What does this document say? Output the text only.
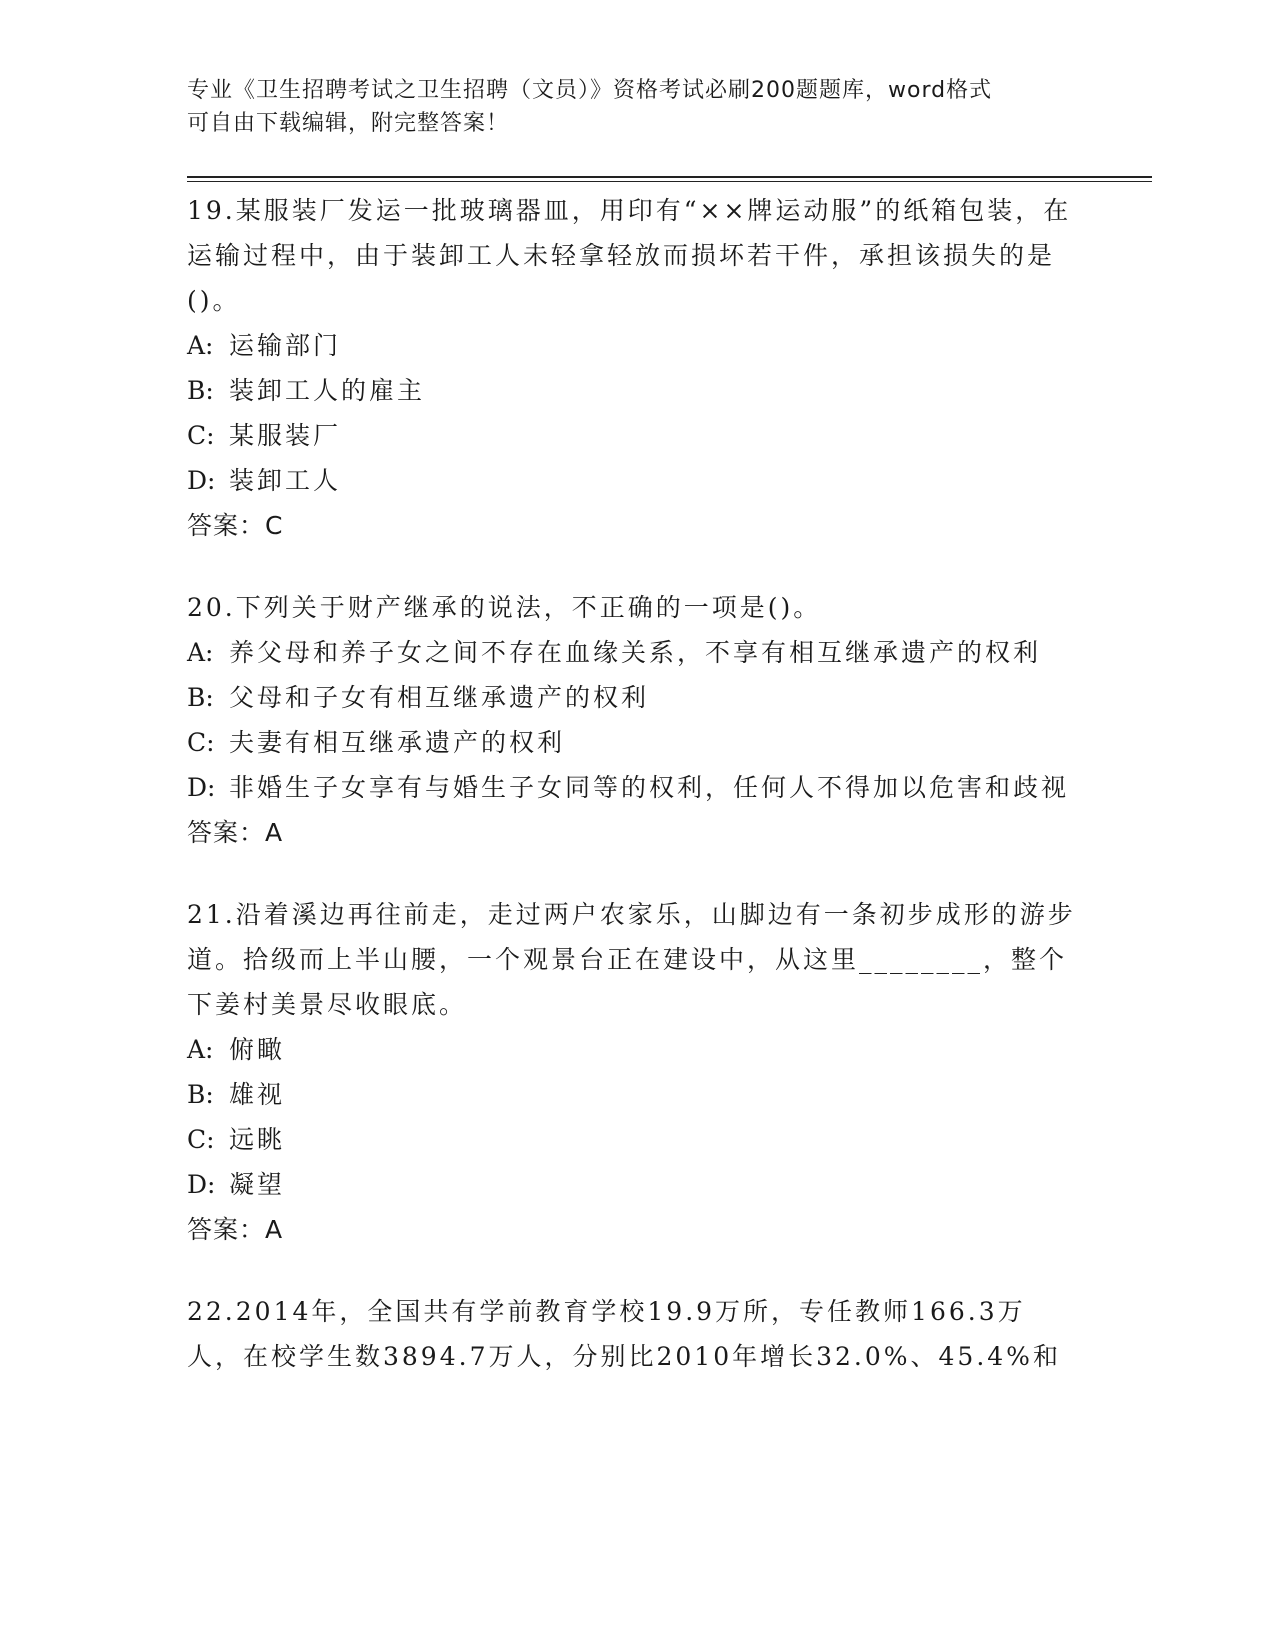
专业《卫生招聘考试之卫生招聘（文员）》资格考试必刷200题题库，word格式
可自由下载编辑，附完整答案！

19.某服装厂发运一批玻璃器皿，用印有“××牌运动服”的纸箱包装，在运输过程中，由于装卸工人未轻拿轻放而损坏若干件，承担该损失的是()。

A: 运输部门

B: 装卸工人的雇主

C: 某服装厂

D: 装卸工人

答案：C

20.下列关于财产继承的说法，不正确的一项是()。

A: 养父母和养子女之间不存在血缘关系，不享有相互继承遗产的权利

B: 父母和子女有相互继承遗产的权利

C: 夫妻有相互继承遗产的权利

D: 非婚生子女享有与婚生子女同等的权利，任何人不得加以危害和歧视

答案：A

21.沿着溪边再往前走，走过两户农家乐，山脚边有一条初步成形的游步道。拾级而上半山腰，一个观景台正在建设中，从这里________，整个下姜村美景尽收眼底。

A: 俯瞰

B: 雄视

C: 远眺

D: 凝望

答案：A

22.2014年，全国共有学前教育学校19.9万所，专任教师166.3万人，在校学生数3894.7万人，分别比2010年增长32.0%、45.4%和
